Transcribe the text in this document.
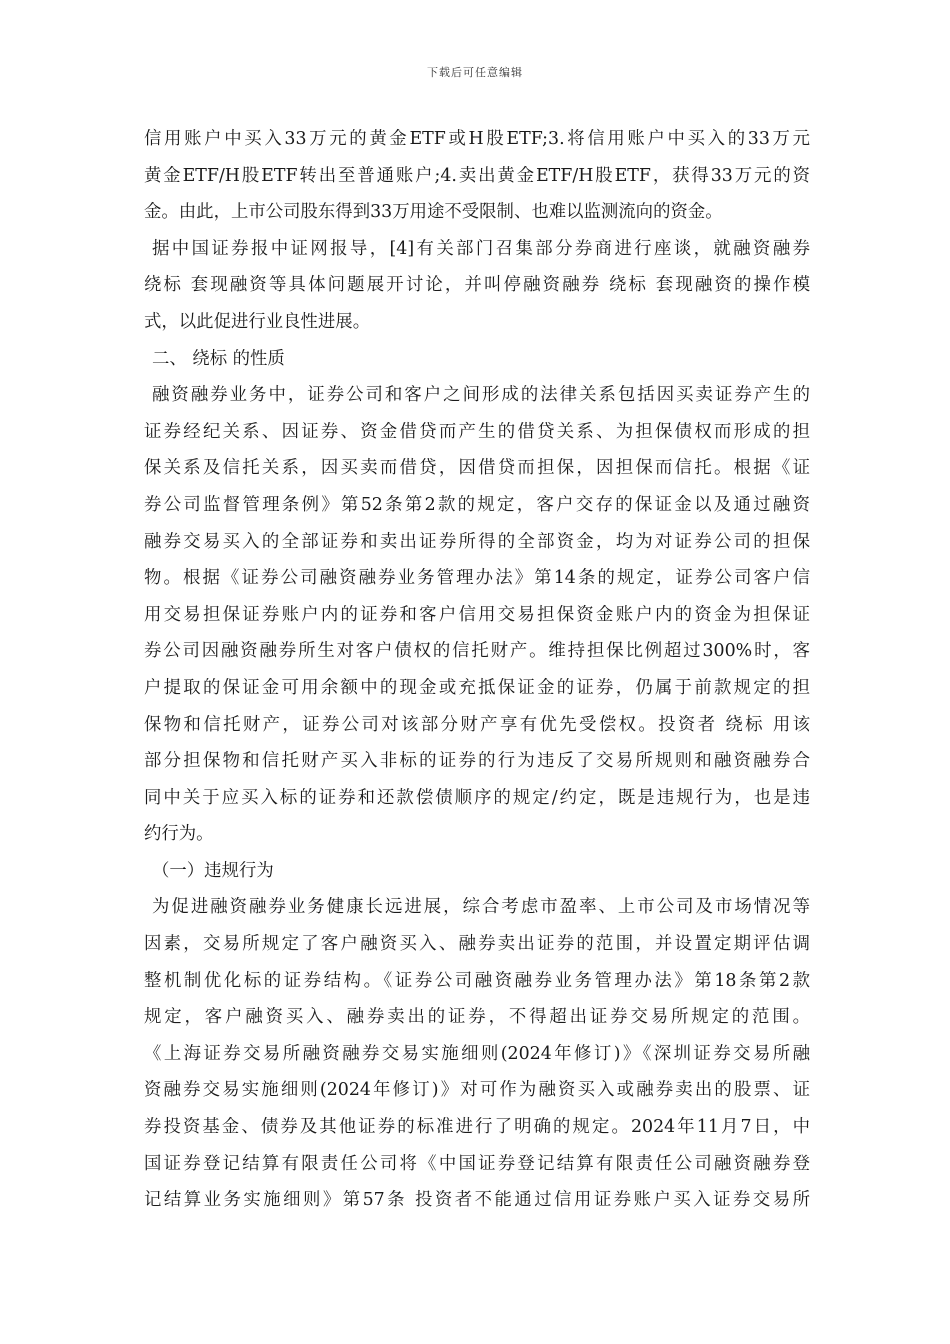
下载后可任意编辑
信用账户中买入33万元的黄金ETF或H股ETF;3.将信用账户中买入的33万元
黄金ETF/H股ETF转出至普通账户;4.卖出黄金ETF/H股ETF，获得33万元的资
金。由此，上市公司股东得到33万用途不受限制、也难以监测流向的资金。
据中国证券报中证网报导，[4]有关部门召集部分券商进行座谈，就融资融券
绕标 套现融资等具体问题展开讨论，并叫停融资融券 绕标 套现融资的操作模
式，以此促进行业良性进展。
二、 绕标 的性质
融资融券业务中，证券公司和客户之间形成的法律关系包括因买卖证券产生的
证券经纪关系、因证券、资金借贷而产生的借贷关系、为担保债权而形成的担
保关系及信托关系，因买卖而借贷，因借贷而担保，因担保而信托。根据《证
券公司监督管理条例》第52条第2款的规定，客户交存的保证金以及通过融资
融券交易买入的全部证券和卖出证券所得的全部资金，均为对证券公司的担保
物。根据《证券公司融资融券业务管理办法》第14条的规定，证券公司客户信
用交易担保证券账户内的证券和客户信用交易担保资金账户内的资金为担保证
券公司因融资融券所生对客户债权的信托财产。维持担保比例超过300%时，客
户提取的保证金可用余额中的现金或充抵保证金的证券，仍属于前款规定的担
保物和信托财产，证券公司对该部分财产享有优先受偿权。投资者 绕标 用该
部分担保物和信托财产买入非标的证券的行为违反了交易所规则和融资融券合
同中关于应买入标的证券和还款偿债顺序的规定/约定，既是违规行为，也是违
约行为。
（一）违规行为
为促进融资融券业务健康长远进展，综合考虑市盈率、上市公司及市场情况等
因素，交易所规定了客户融资买入、融券卖出证券的范围，并设置定期评估调
整机制优化标的证券结构。《证券公司融资融券业务管理办法》第18条第2款
规定，客户融资买入、融券卖出的证券，不得超出证券交易所规定的范围。
《上海证券交易所融资融券交易实施细则(2024年修订)》《深圳证券交易所融
资融券交易实施细则(2024年修订)》对可作为融资买入或融券卖出的股票、证
券投资基金、债券及其他证券的标准进行了明确的规定。2024年11月7日，中
国证券登记结算有限责任公司将《中国证券登记结算有限责任公司融资融券登
记结算业务实施细则》第57条 投资者不能通过信用证券账户买入证券交易所
